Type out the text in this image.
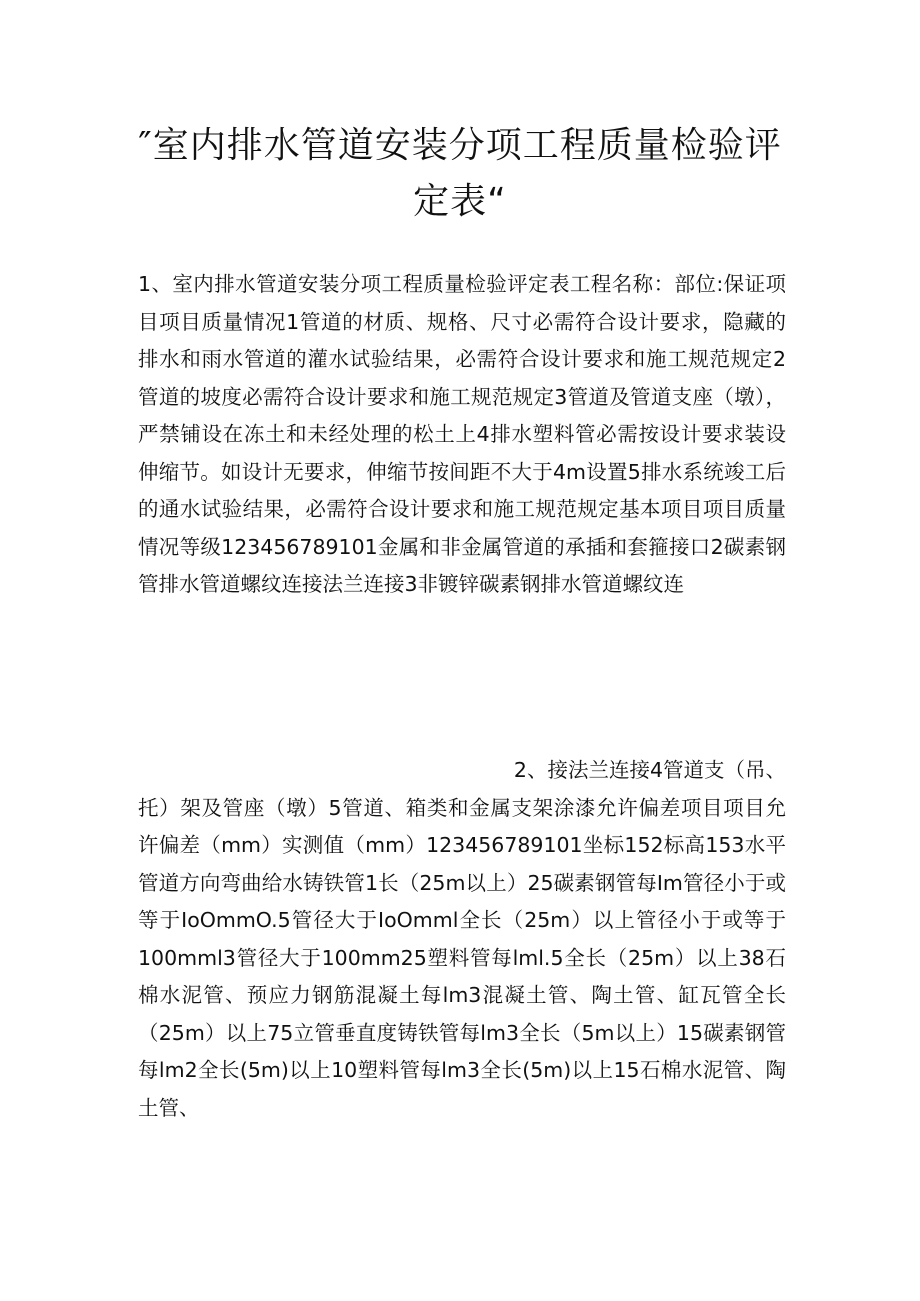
″室内排水管道安装分项工程质量检验评定表“

1、室内排水管道安装分项工程质量检验评定表工程名称：部位:保证项目项目质量情况1管道的材质、规格、尺寸必需符合设计要求，隐藏的排水和雨水管道的灌水试验结果，必需符合设计要求和施工规范规定2管道的坡度必需符合设计要求和施工规范规定3管道及管道支座（墩），严禁铺设在冻土和未经处理的松土上4排水塑料管必需按设计要求装设伸缩节。如设计无要求，伸缩节按间距不大于4m设置5排水系统竣工后的通水试验结果，必需符合设计要求和施工规范规定基本项目项目质量情况等级123456789101金属和非金属管道的承插和套箍接口2碳素钢管排水管道螺纹连接法兰连接3非镀锌碳素钢排水管道螺纹连

2、接法兰连接4管道支（吊、
托）架及管座（墩）5管道、箱类和金属支架涂漆允许偏差项目项目允许偏差（mm）实测值（mm）123456789101坐标152标高153水平管道方向弯曲给水铸铁管1长（25m以上）25碳素钢管每Im管径小于或等于IoOmmO.5管径大于IoOmml全长（25m）以上管径小于或等于100mml3管径大于100mm25塑料管每lml.5全长（25m）以上38石棉水泥管、预应力钢筋混凝土每lm3混凝土管、陶土管、缸瓦管全长（25m）以上75立管垂直度铸铁管每lm3全长（5m以上）15碳素钢管每lm2全长(5m)以上10塑料管每lm3全长(5m)以上15石棉水泥管、陶土管、
